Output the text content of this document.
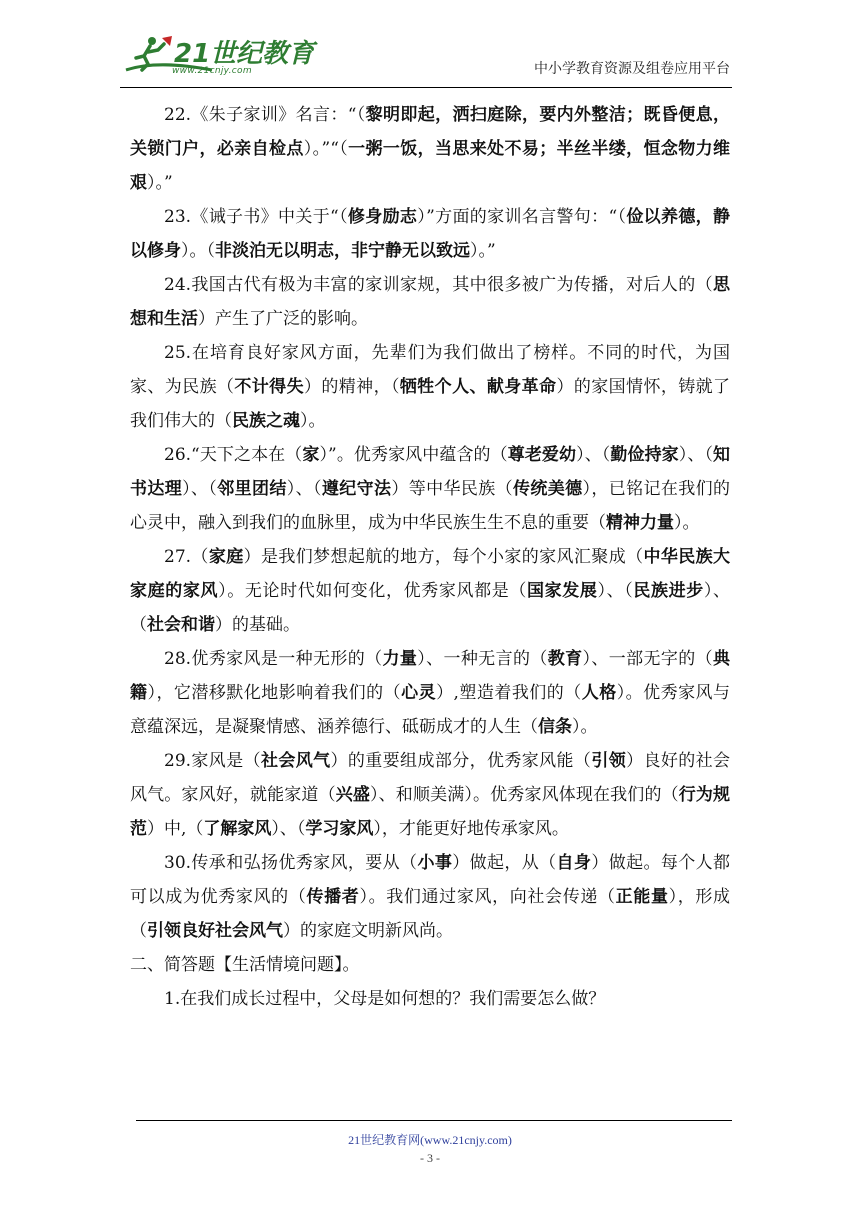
21世纪教育
www.21cnjy.com	中小学教育资源及组卷应用平台

22.《朱子家训》名言：“（黎明即起，洒扫庭除，要内外整洁；既昏便息，关锁门户，必亲自检点）。”“（一粥一饭，当思来处不易；半丝半缕，恒念物力维艰）。”

23.《诫子书》中关于“（修身励志）”方面的家训名言警句：“（俭以养德，静以修身）。（非淡泊无以明志，非宁静无以致远）。”

24.我国古代有极为丰富的家训家规，其中很多被广为传播，对后人的（思想和生活）产生了广泛的影响。

25.在培育良好家风方面，先辈们为我们做出了榜样。不同的时代，为国家、为民族（不计得失）的精神，（牺牲个人、献身革命）的家国情怀，铸就了我们伟大的（民族之魂）。

26.“天下之本在（家）”。优秀家风中蕴含的（尊老爱幼）、（勤俭持家）、（知书达理）、（邻里团结）、（遵纪守法）等中华民族（传统美德），已铭记在我们的心灵中，融入到我们的血脉里，成为中华民族生生不息的重要（精神力量）。

27.（家庭）是我们梦想起航的地方，每个小家的家风汇聚成（中华民族大家庭的家风）。无论时代如何变化，优秀家风都是（国家发展）、（民族进步）、（社会和谐）的基础。

28.优秀家风是一种无形的（力量）、一种无言的（教育）、一部无字的（典籍），它潜移默化地影响着我们的（心灵）,塑造着我们的（人格）。优秀家风与意蕴深远，是凝聚情感、涵养德行、砥砺成才的人生（信条）。

29.家风是（社会风气）的重要组成部分，优秀家风能（引领）良好的社会风气。家风好，就能家道（兴盛）、和顺美满）。优秀家风体现在我们的（行为规范）中,（了解家风）、（学习家风），才能更好地传承家风。

30.传承和弘扬优秀家风，要从（小事）做起，从（自身）做起。每个人都可以成为优秀家风的（传播者）。我们通过家风，向社会传递（正能量），形成（引领良好社会风气）的家庭文明新风尚。

二、简答题【生活情境问题】。

1.在我们成长过程中，父母是如何想的？我们需要怎么做？

21世纪教育网(www.21cnjy.com)
- 3 -
